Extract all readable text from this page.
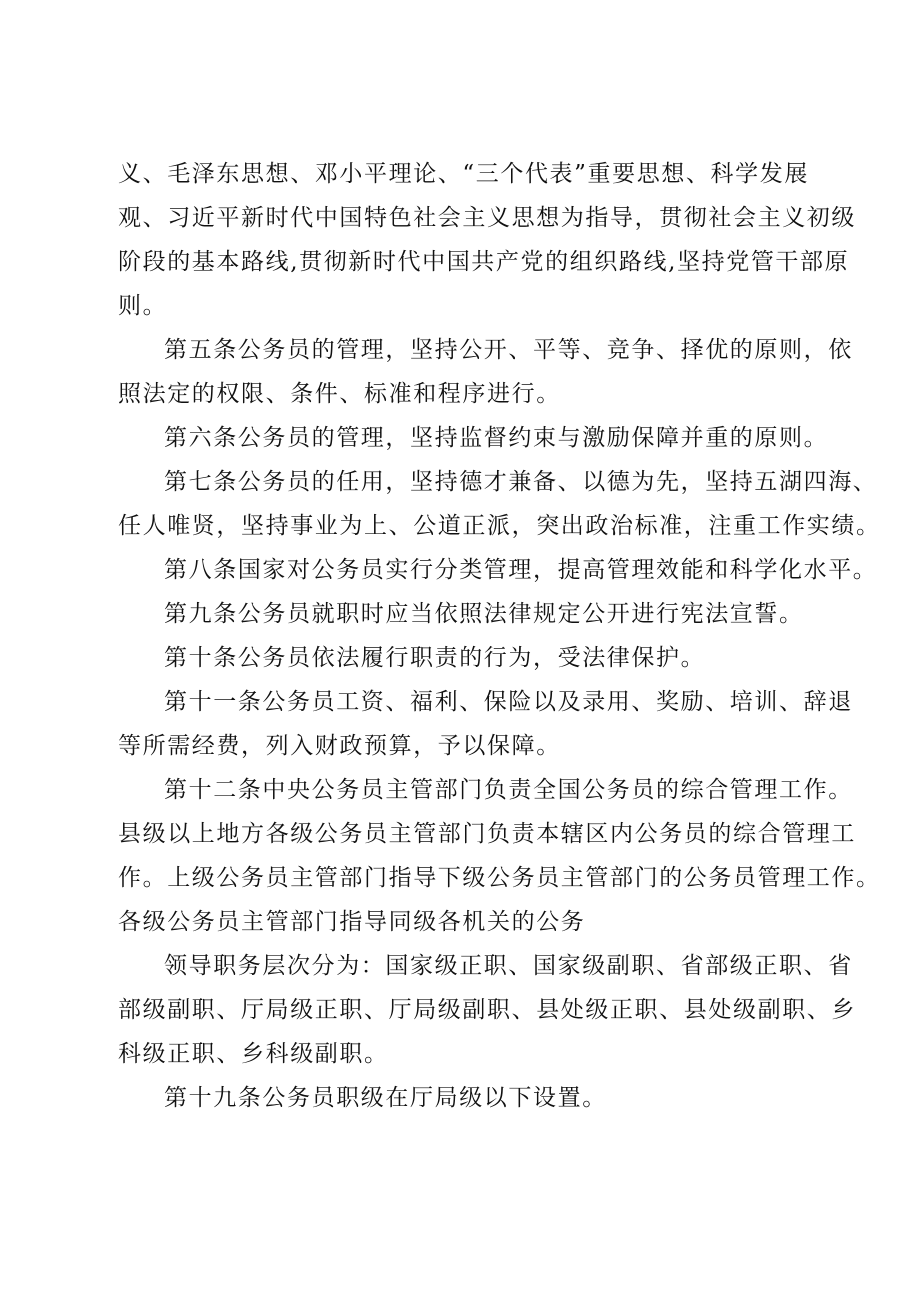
义、毛泽东思想、邓小平理论、“三个代表”重要思想、科学发展
观、习近平新时代中国特色社会主义思想为指导，贯彻社会主义初级
阶段的基本路线,贯彻新时代中国共产党的组织路线,坚持党管干部原
则。

第五条公务员的管理，坚持公开、平等、竞争、择优的原则，依
照法定的权限、条件、标准和程序进行。

第六条公务员的管理，坚持监督约束与激励保障并重的原则。

第七条公务员的任用，坚持德才兼备、以德为先，坚持五湖四海、
任人唯贤，坚持事业为上、公道正派，突出政治标准，注重工作实绩。

第八条国家对公务员实行分类管理，提高管理效能和科学化水平。

第九条公务员就职时应当依照法律规定公开进行宪法宣誓。

第十条公务员依法履行职责的行为，受法律保护。

第十一条公务员工资、福利、保险以及录用、奖励、培训、辞退
等所需经费，列入财政预算，予以保障。

第十二条中央公务员主管部门负责全国公务员的综合管理工作。
县级以上地方各级公务员主管部门负责本辖区内公务员的综合管理工
作。上级公务员主管部门指导下级公务员主管部门的公务员管理工作。
各级公务员主管部门指导同级各机关的公务

领导职务层次分为：国家级正职、国家级副职、省部级正职、省
部级副职、厅局级正职、厅局级副职、县处级正职、县处级副职、乡
科级正职、乡科级副职。

第十九条公务员职级在厅局级以下设置。
